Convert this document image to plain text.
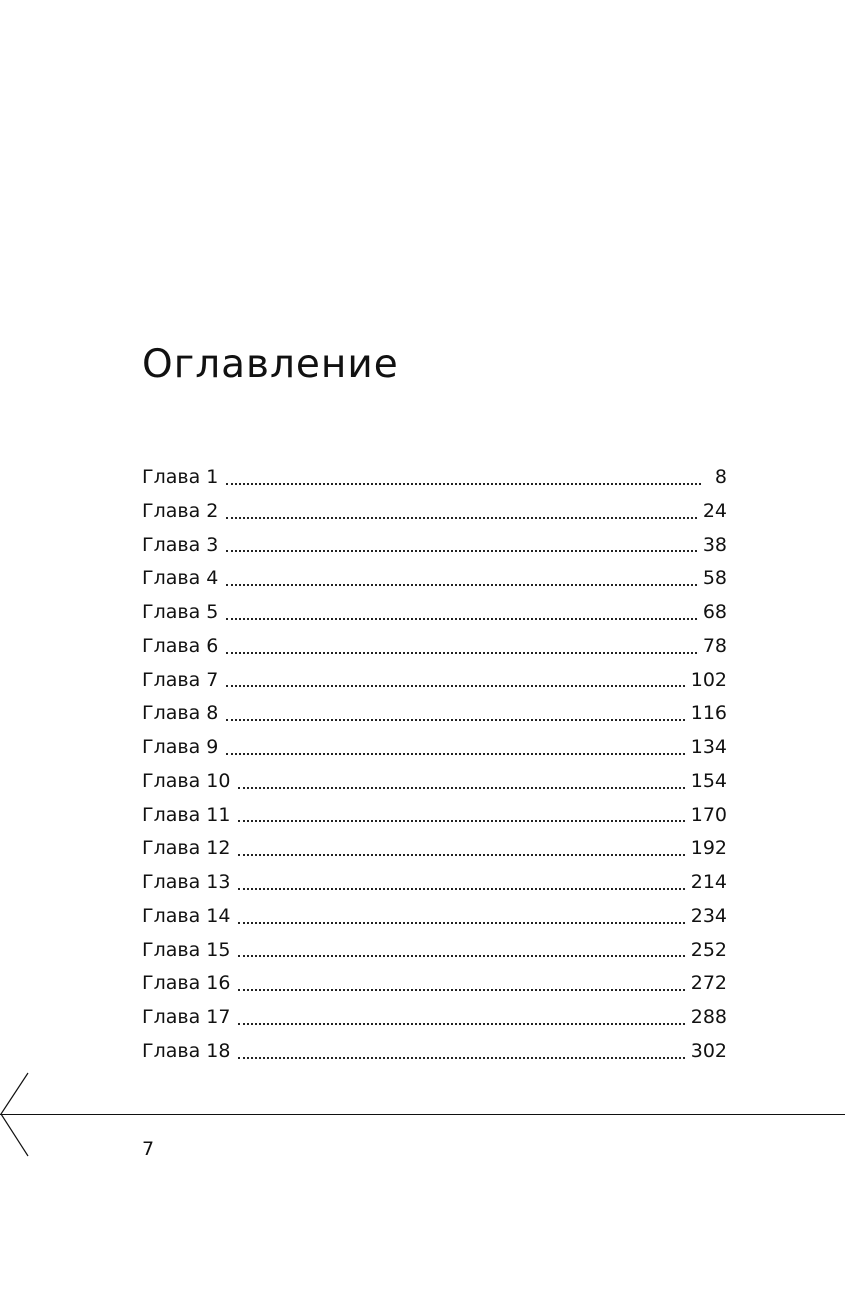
Оглавление
Глава 1	8
Глава 2	24
Глава 3	38
Глава 4	58
Глава 5	68
Глава 6	78
Глава 7	102
Глава 8	116
Глава 9	134
Глава 10	154
Глава 11	170
Глава 12	192
Глава 13	214
Глава 14	234
Глава 15	252
Глава 16	272
Глава 17	288
Глава 18	302
7
